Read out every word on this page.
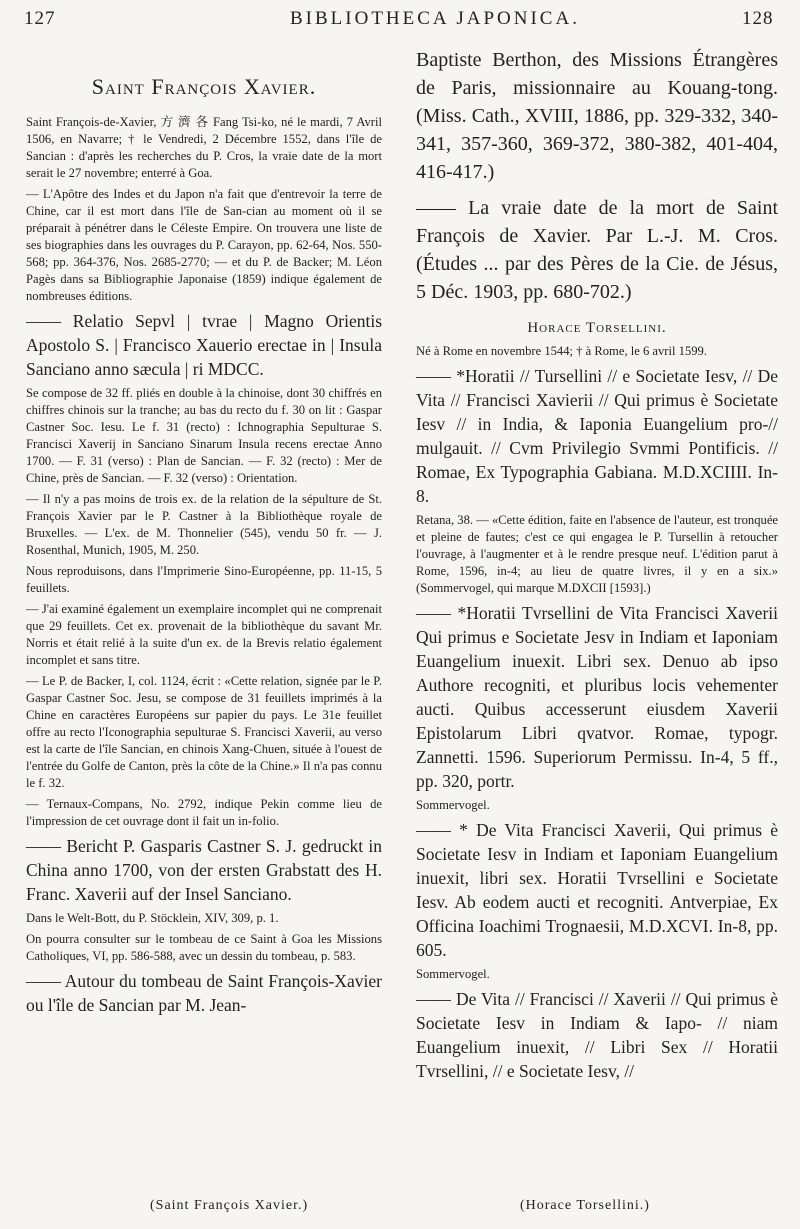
127	BIBLIOTHECA JAPONICA.	128
Saint François Xavier.

Saint François-de-Xavier, 方 濟 各 Fang Tsi-ko, né le mardi, 7 Avril 1506, en Navarre; † le Vendredi, 2 Décembre 1552, dans l'île de Sancian : d'après les recherches du P. Cros, la vraie date de la mort serait le 27 novembre; enterré à Goa.

— L'Apôtre des Indes et du Japon n'a fait que d'entrevoir la terre de Chine, car il est mort dans l'île de San-cian au moment où il se préparait à pénétrer dans le Céleste Empire. On trouvera une liste de ses biographies dans les ouvrages du P. Carayon, pp. 62-64, Nos. 550-568; pp. 364-376, Nos. 2685-2770; — et du P. de Backer; M. Léon Pagès dans sa Bibliographie Japonaise (1859) indique également de nombreuses éditions.

—— Relatio Sepvl | tvrae | Magno Orientis Apostolo S. | Francisco Xauerio erectae in | Insula Sanciano anno sæcula | ri MDCC.

Se compose de 32 ff. pliés en double à la chinoise, dont 30 chiffrés en chiffres chinois sur la tranche; au bas du recto du f. 30 on lit : Gaspar Castner Soc. Iesu. Le f. 31 (recto) : Ichnographia Sepulturae S. Francisci Xaverij in Sanciano Sinarum Insula recens erectae Anno 1700. — F. 31 (verso) : Plan de Sancian. — F. 32 (recto) : Mer de Chine, près de Sancian. — F. 32 (verso) : Orientation.

— Il n'y a pas moins de trois ex. de la relation de la sépulture de St. François Xavier par le P. Castner à la Bibliothèque royale de Bruxelles. — L'ex. de M. Thonnelier (545), vendu 50 fr. — J. Rosenthal, Munich, 1905, M. 250.

Nous reproduisons, dans l'Imprimerie Sino-Européenne, pp. 11-15, 5 feuillets.

— J'ai examiné également un exemplaire incomplet qui ne comprenait que 29 feuillets. Cet ex. provenait de la bibliothèque du savant Mr. Norris et était relié à la suite d'un ex. de la Brevis relatio également incomplet et sans titre.

— Le P. de Backer, I, col. 1124, écrit : «Cette relation, signée par le P. Gaspar Castner Soc. Jesu, se compose de 31 feuillets imprimés à la Chine en caractères Européens sur papier du pays. Le 31e feuillet offre au recto l'Iconographia sepulturae S. Francisci Xaverii, au verso est la carte de l'île Sancian, en chinois Xang-Chuen, située à l'ouest de l'entrée du Golfe de Canton, près la côte de la Chine.» Il n'a pas connu le f. 32.

— Ternaux-Compans, No. 2792, indique Pekin comme lieu de l'impression de cet ouvrage dont il fait un in-folio.

—— Bericht P. Gasparis Castner S. J. gedruckt in China anno 1700, von der ersten Grabstatt des H. Franc. Xaverii auf der Insel Sanciano.

Dans le Welt-Bott, du P. Stöcklein, XIV, 309, p. 1.

On pourra consulter sur le tombeau de ce Saint à Goa les Missions Catholiques, VI, pp. 586-588, avec un dessin du tombeau, p. 583.

—— Autour du tombeau de Saint François-Xavier ou l'île de Sancian par M. Jean-

Baptiste Berthon, des Missions Étrangères de Paris, missionnaire au Kouang-tong. (Miss. Cath., XVIII, 1886, pp. 329-332, 340-341, 357-360, 369-372, 380-382, 401-404, 416-417.)

—— La vraie date de la mort de Saint François de Xavier. Par L.-J. M. Cros. (Études ... par des Pères de la Cie. de Jésus, 5 Déc. 1903, pp. 680-702.)

Horace Torsellini.

Né à Rome en novembre 1544; † à Rome, le 6 avril 1599.

—— *Horatii // Tursellini // e Societate Iesv, // De Vita // Francisci Xavierii // Qui primus è Societate Iesv // in India, & Iaponia Euangelium pro-// mulgauit. // Cvm Privilegio Svmmi Pontificis. // Romae, Ex Typographia Gabiana. M.D.XCIIII. In-8.

Retana, 38. — «Cette édition, faite en l'absence de l'auteur, est tronquée et pleine de fautes; c'est ce qui engagea le P. Tursellin à retoucher l'ouvrage, à l'augmenter et à le rendre presque neuf. L'édition parut à Rome, 1596, in-4; au lieu de quatre livres, il y en a six.» (Sommervogel, qui marque M.DXCII [1593].)

—— *Horatii Tvrsellini de Vita Francisci Xaverii Qui primus e Societate Jesv in Indiam et Iaponiam Euangelium inuexit. Libri sex. Denuo ab ipso Authore recogniti, et pluribus locis vehementer aucti. Quibus accesserunt eiusdem Xaverii Epistolarum Libri qvatvor. Romae, typogr. Zannetti. 1596. Superiorum Permissu. In-4, 5 ff., pp. 320, portr.

Sommervogel.

—— * De Vita Francisci Xaverii, Qui primus è Societate Iesv in Indiam et Iaponiam Euangelium inuexit, libri sex. Horatii Tvrsellini e Societate Iesv. Ab eodem aucti et recogniti. Antverpiae, Ex Officina Ioachimi Trognaesii, M.D.XCVI. In-8, pp. 605.

Sommervogel.

—— De Vita // Francisci // Xaverii // Qui primus è Societate Iesv in Indiam & Iapo- // niam Euangelium inuexit, // Libri Sex // Horatii Tvrsellini, // e Societate Iesv, //

(Saint François Xavier.)	(Horace Torsellini.)
